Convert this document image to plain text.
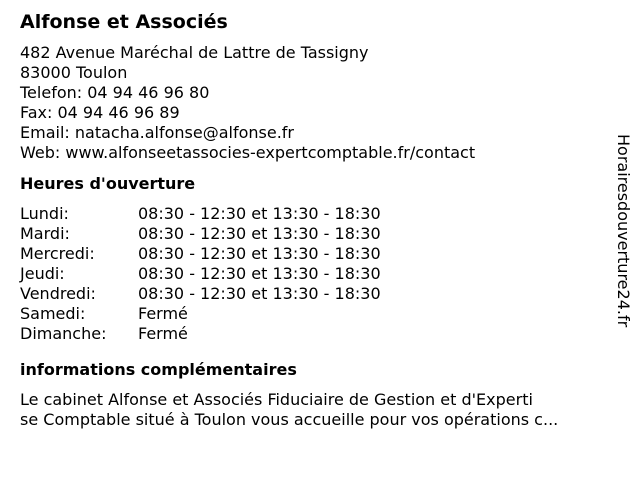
Alfonse et Associés
482 Avenue Maréchal de Lattre de Tassigny
83000 Toulon
Telefon: 04 94 46 96 80
Fax: 04 94 46 96 89
Email: natacha.alfonse@alfonse.fr
Web: www.alfonseetassocies-expertcomptable.fr/contact
Heures d'ouverture
Lundi:	08:30 - 12:30 et 13:30 - 18:30
Mardi:	08:30 - 12:30 et 13:30 - 18:30
Mercredi:	08:30 - 12:30 et 13:30 - 18:30
Jeudi:	08:30 - 12:30 et 13:30 - 18:30
Vendredi:	08:30 - 12:30 et 13:30 - 18:30
Samedi:	Fermé
Dimanche:	Fermé
informations complémentaires
Le cabinet Alfonse et Associés Fiduciaire de Gestion et d'Experti
se Comptable situé à Toulon vous accueille pour vos opérations c...
Horairesdouverture24.fr
